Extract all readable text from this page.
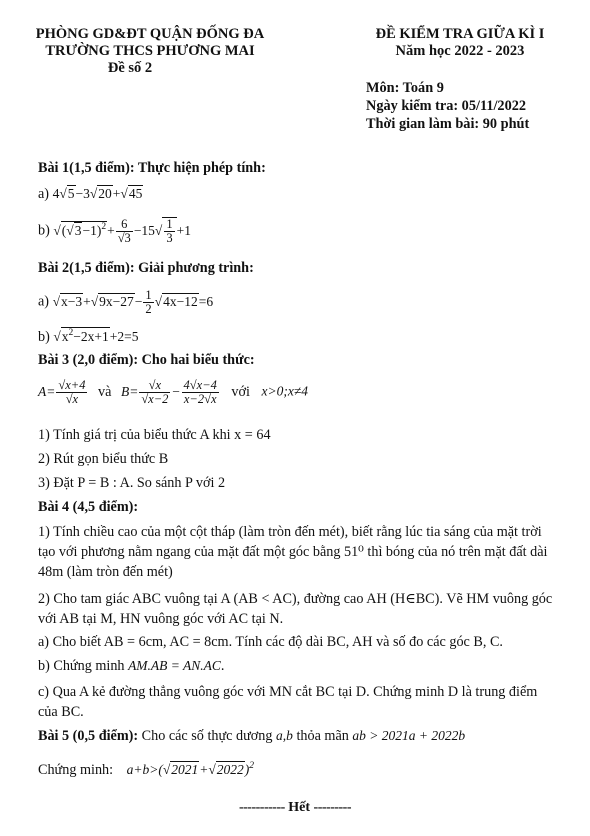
PHÒNG GD&ĐT QUẬN ĐỐNG ĐA
TRƯỜNG THCS PHƯƠNG MAI
Đề số 2
ĐỀ KIỂM TRA GIỮA KÌ I
Năm học 2022 - 2023
Môn: Toán 9
Ngày kiểm tra: 05/11/2022
Thời gian làm bài: 90 phút
Bài 1(1,5 điểm): Thực hiện phép tính:
a) 4√5−3√20+√45
b) $√(√3-1)^2+ \frac{6}{√3} -15√ \frac{1}{3} +1$
Bài 2(1,5 điểm): Giải phương trình:
a) $√x-3+√9x-27- \frac{1}{2} √4x-12=6$
b) $√x^2-2x+1+2=5$
Bài 3 (2,0 điểm): Cho hai biểu thức:
$A= \frac{√x+4}{√x}$ và $B= \frac{√x}{√x-2} - \frac{4√x-4}{x-2√x}$ với x>0;x≠4
1) Tính giá trị của biểu thức A khi x = 64
2) Rút gọn biểu thức B
3) Đặt P = B : A. So sánh P với 2
Bài 4 (4,5 điểm):
1) Tính chiều cao của một cột tháp (làm tròn đến mét), biết rằng lúc tia sáng của mặt trời tạo với phương nằm ngang của mặt đất một góc bằng 51⁰ thì bóng của nó trên mặt đất dài 48m (làm tròn đến mét)
2) Cho tam giác ABC vuông tại A (AB < AC), đường cao AH (H∈BC). Vẽ HM vuông góc với AB tại M, HN vuông góc với AC tại N.
a) Cho biết AB = 6cm, AC = 8cm. Tính các độ dài BC, AH và số đo các góc B, C.
b) Chứng minh AM.AB = AN.AC.
c) Qua A kẻ đường thẳng vuông góc với MN cắt BC tại D. Chứng minh D là trung điểm của BC.
Bài 5 (0,5 điểm): Cho các số thực dương a,b thỏa mãn ab > 2021a + 2022b
Chứng minh: $a+b>(√2021+√2022)^2$
----------- Hết ---------
